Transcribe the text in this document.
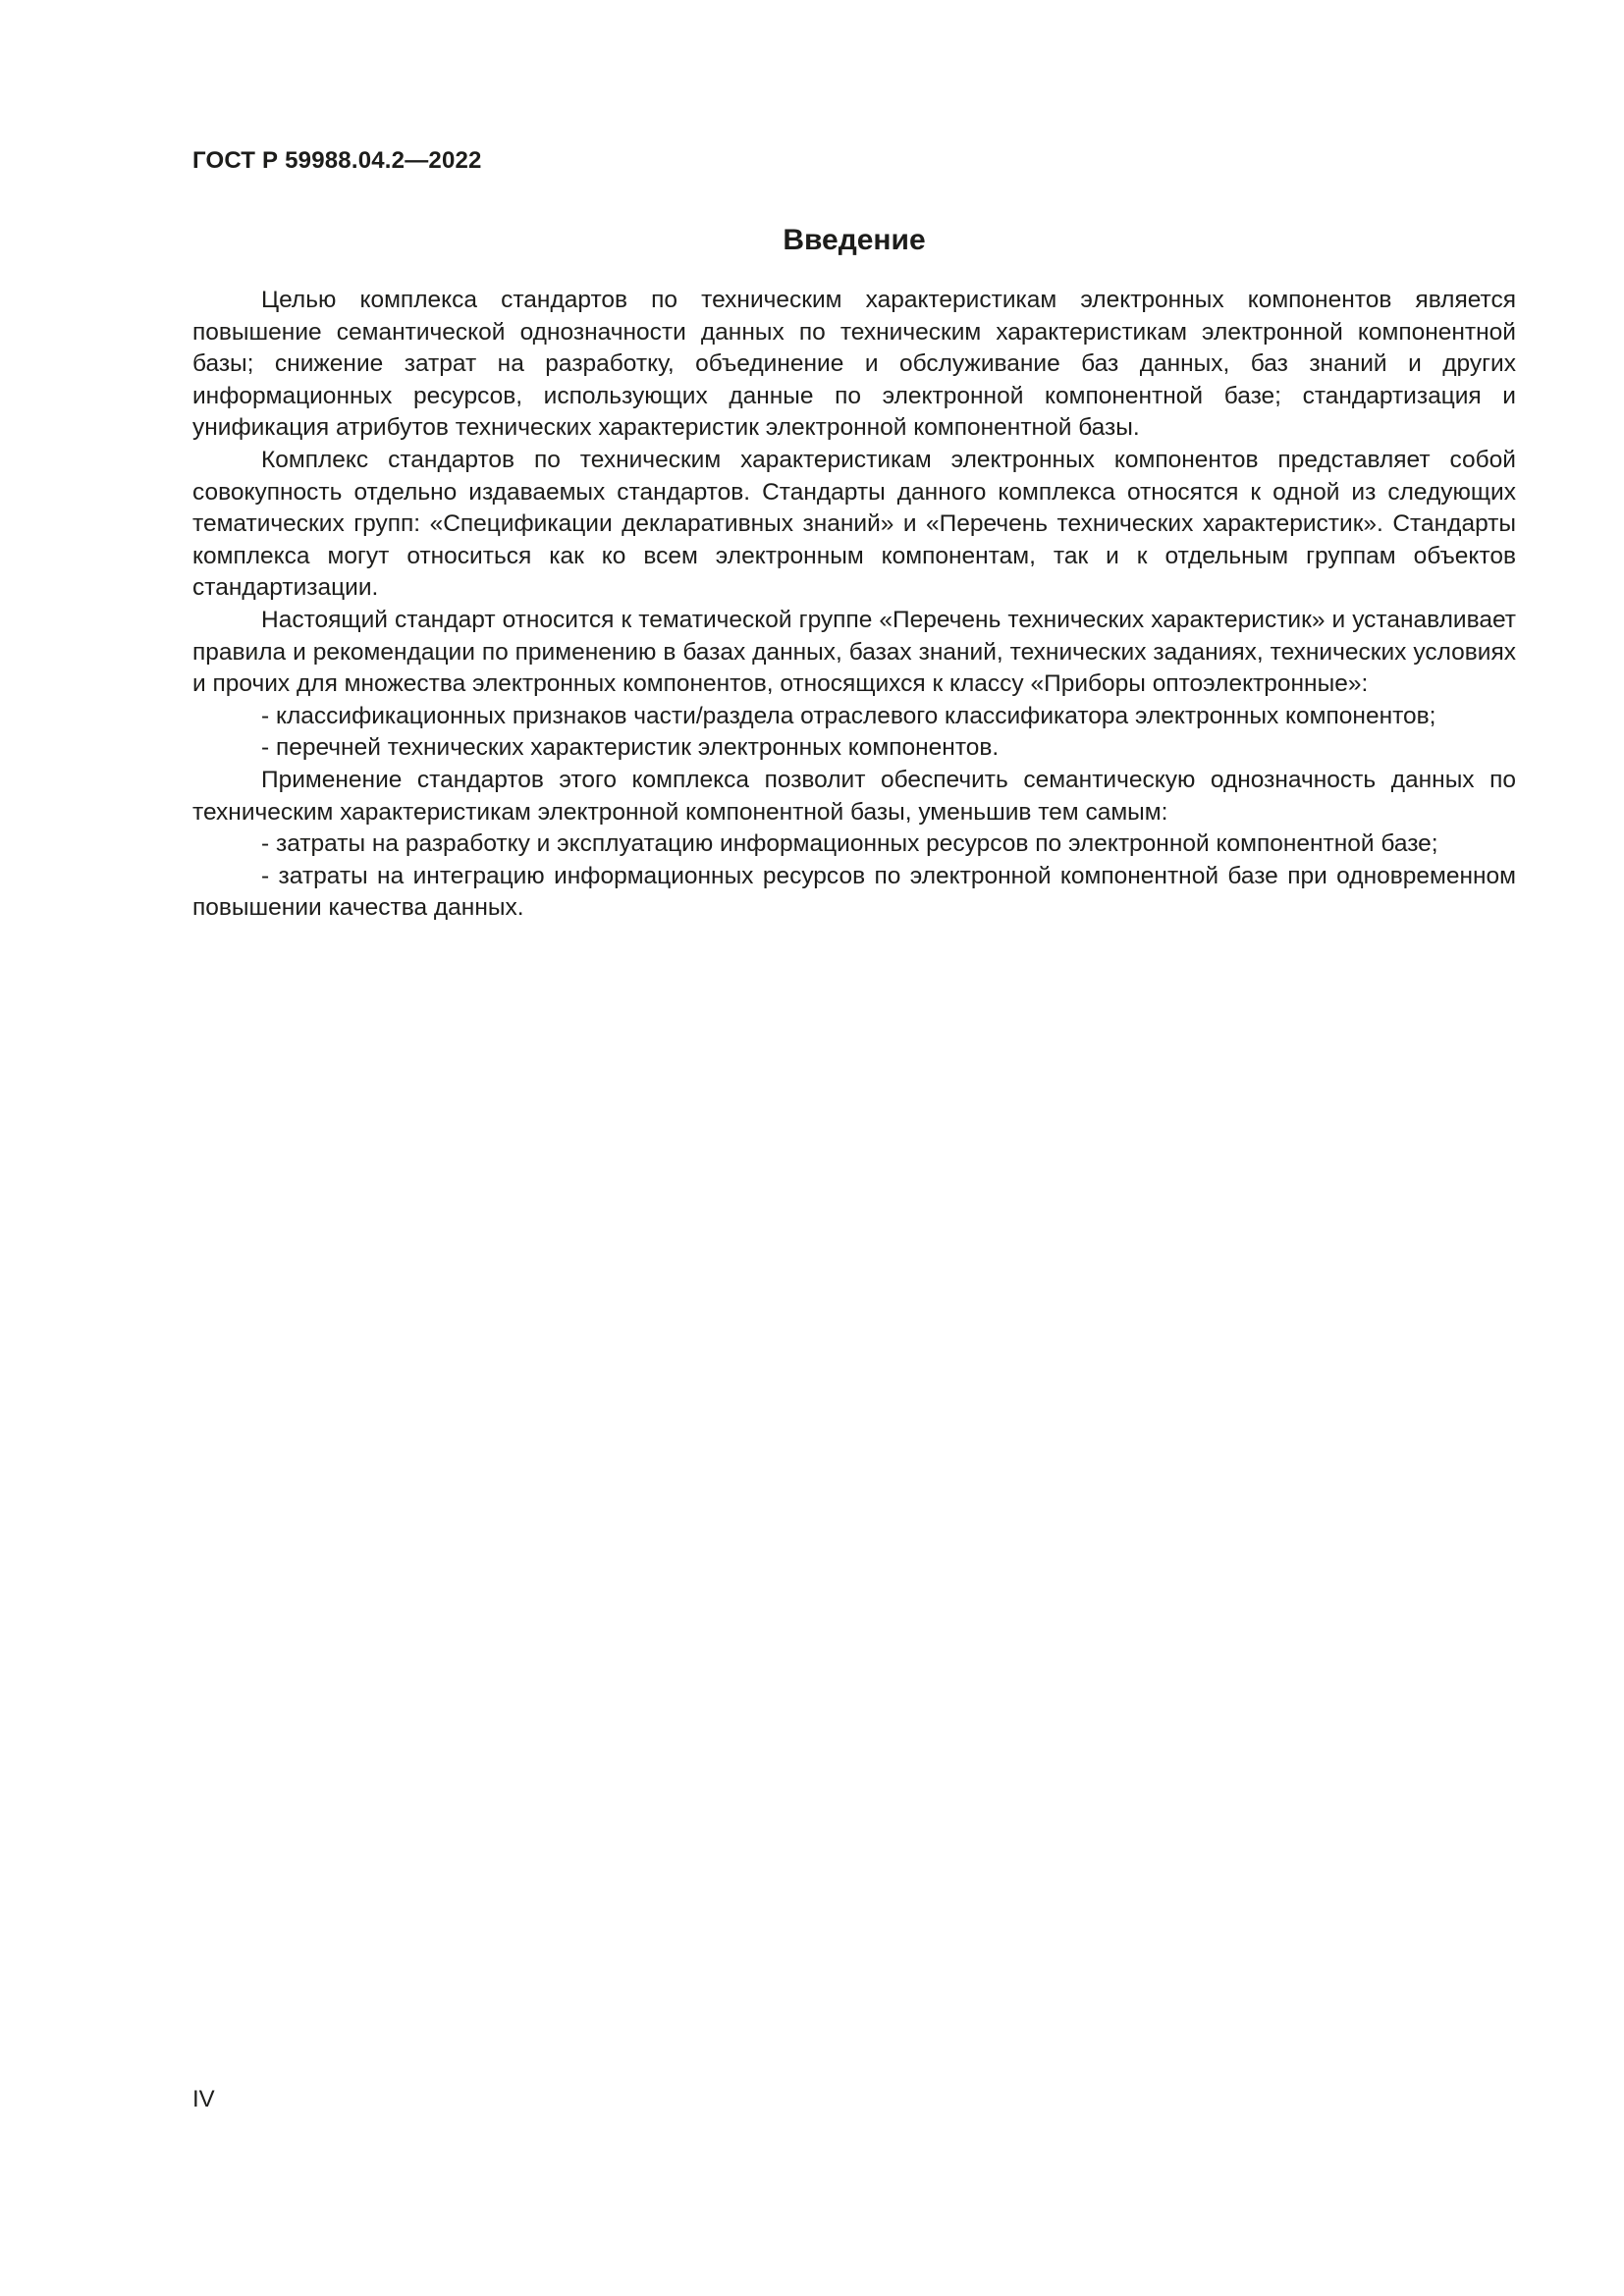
ГОСТ Р 59988.04.2—2022
Введение

Целью комплекса стандартов по техническим характеристикам электронных компонентов является повышение семантической однозначности данных по техническим характеристикам электронной компонентной базы; снижение затрат на разработку, объединение и обслуживание баз данных, баз знаний и других информационных ресурсов, использующих данные по электронной компонентной базе; стандартизация и унификация атрибутов технических характеристик электронной компонентной базы.

Комплекс стандартов по техническим характеристикам электронных компонентов представляет собой совокупность отдельно издаваемых стандартов. Стандарты данного комплекса относятся к одной из следующих тематических групп: «Спецификации декларативных знаний» и «Перечень технических характеристик». Стандарты комплекса могут относиться как ко всем электронным компонентам, так и к отдельным группам объектов стандартизации.

Настоящий стандарт относится к тематической группе «Перечень технических характеристик» и устанавливает правила и рекомендации по применению в базах данных, базах знаний, технических заданиях, технических условиях и прочих для множества электронных компонентов, относящихся к классу «Приборы оптоэлектронные»:

- классификационных признаков части/раздела отраслевого классификатора электронных компонентов;

- перечней технических характеристик электронных компонентов.

Применение стандартов этого комплекса позволит обеспечить семантическую однозначность данных по техническим характеристикам электронной компонентной базы, уменьшив тем самым:

- затраты на разработку и эксплуатацию информационных ресурсов по электронной компонентной базе;

- затраты на интеграцию информационных ресурсов по электронной компонентной базе при одновременном повышении качества данных.

IV
